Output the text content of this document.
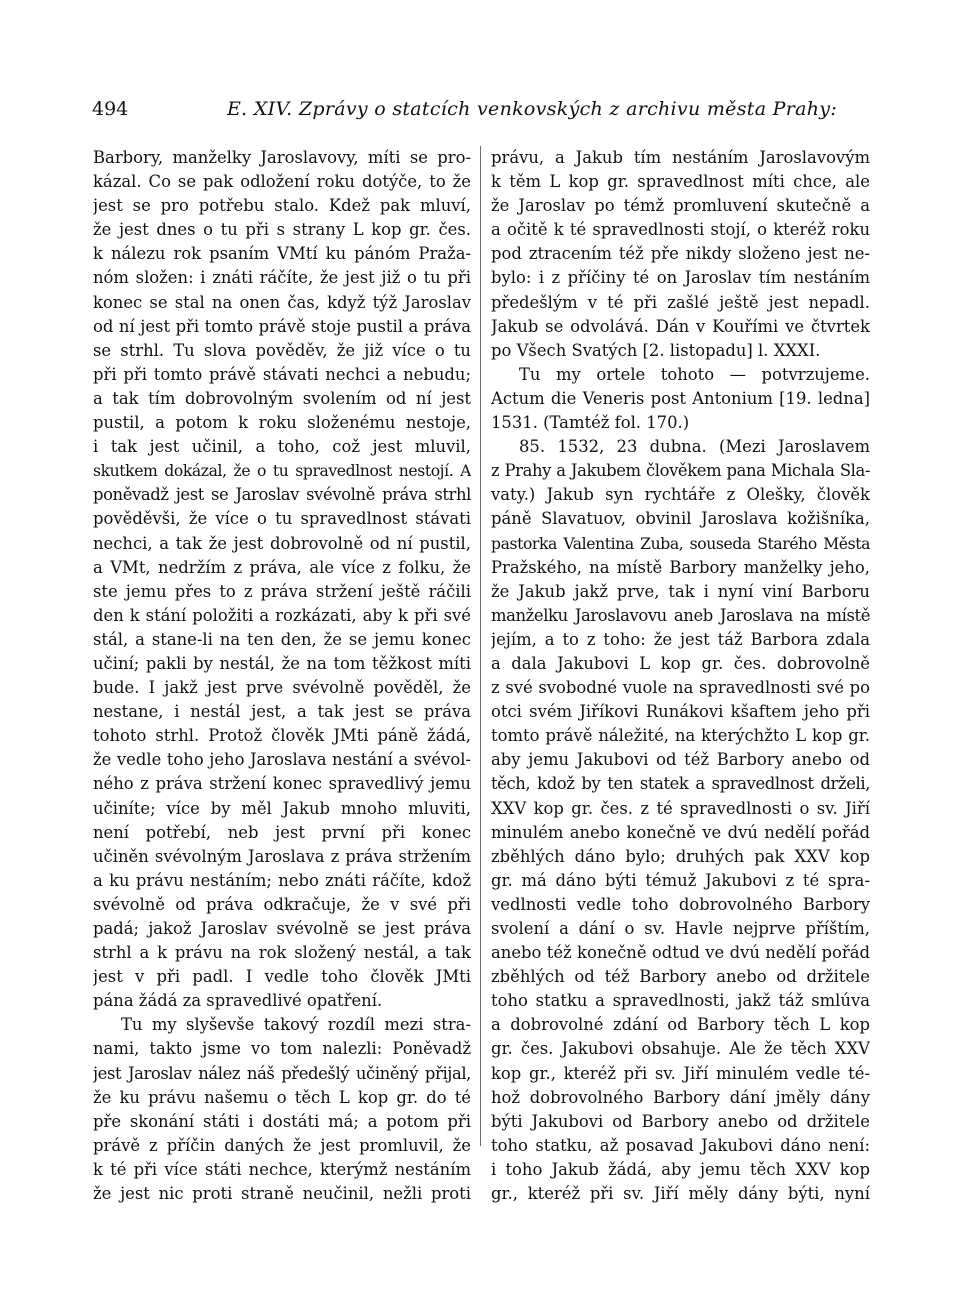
494	E. XIV. Zprávy o statcích venkovských z archivu města Prahy:
Barbory, manželky Jaroslavovy, míti se pro-
kázal. Co se pak odložení roku dotýče, to že
jest se pro potřebu stalo. Kdež pak mluví,
že jest dnes o tu při s strany L kop gr. čes.
k nálezu rok psaním VMtí ku pánóm Praža-
nóm složen: i znáti ráčíte, že jest již o tu při
konec se stal na onen čas, když týž Jaroslav
od ní jest při tomto právě stoje pustil a práva
se strhl. Tu slova pověděv, že již více o tu
při při tomto právě stávati nechci a nebudu;
a tak tím dobrovolným svolením od ní jest
pustil, a potom k roku složenému nestoje,
i tak jest učinil, a toho, což jest mluvil,
skutkem dokázal, že o tu spravedlnost nestojí. A
poněvadž jest se Jaroslav svévolně práva strhl
pověděvši, že více o tu spravedlnost stávati
nechci, a tak že jest dobrovolně od ní pustil,
a VMt, nedržím z práva, ale více z folku, že
ste jemu přes to z práva stržení ještě ráčili
den k stání položiti a rozkázati, aby k při své
stál, a stane-li na ten den, že se jemu konec
učiní; pakli by nestál, že na tom těžkost míti
bude. I jakž jest prve svévolně pověděl, že
nestane, i nestál jest, a tak jest se práva
tohoto strhl. Protož člověk JMti páně žádá,
že vedle toho jeho Jaroslava nestání a svévol-
ného z práva stržení konec spravedlivý jemu
učiníte; více by měl Jakub mnoho mluviti,
není potřebí, neb jest první při konec
učiněn svévolným Jaroslava z práva stržením
a ku právu nestáním; nebo znáti ráčíte, kdož
svévolně od práva odkračuje, že v své při
padá; jakož Jaroslav svévolně se jest práva
strhl a k právu na rok složený nestál, a tak
jest v při padl. I vedle toho člověk JMti
pána žádá za spravedlivé opatření.
Tu my slyševše takový rozdíl mezi stra-
nami, takto jsme vo tom nalezli: Poněvadž
jest Jaroslav nález náš předešlý učiněný přijal,
že ku právu našemu o těch L kop gr. do té
pře skonání státi i dostáti má; a potom při
právě z příčin daných že jest promluvil, že
k té při více státi nechce, kterýmž nestáním
že jest nic proti straně neučinil, nežli proti
právu, a Jakub tím nestáním Jaroslavovým
k těm L kop gr. spravedlnost míti chce, ale
že Jaroslav po témž promluvení skutečně a
a očitě k té spravedlnosti stojí, o kteréž roku
pod ztracením též pře nikdy složeno jest ne-
bylo: i z příčiny té on Jaroslav tím nestáním
předešlým v té při zašlé ještě jest nepadl.
Jakub se odvolává. Dán v Kouřími ve čtvrtek
po Všech Svatých [2. listopadu] l. XXXI.
Tu my ortele tohoto — potvrzujeme.
Actum die Veneris post Antonium [19. ledna]
1531. (Tamtéž fol. 170.)
85. 1532, 23 dubna. (Mezi Jaroslavem
z Prahy a Jakubem člověkem pana Michala Sla-
vaty.) Jakub syn rychtáře z Olešky, člověk
páně Slavatuov, obvinil Jaroslava kožišníka,
pastorka Valentina Zuba, souseda Starého Města
Pražského, na místě Barbory manželky jeho,
že Jakub jakž prve, tak i nyní viní Barboru
manželku Jaroslavovu aneb Jaroslava na místě
jejím, a to z toho: že jest táž Barbora zdala
a dala Jakubovi L kop gr. čes. dobrovolně
z své svobodné vuole na spravedlnosti své po
otci svém Jiříkovi Runákovi kšaftem jeho při
tomto právě náležité, na kterýchžto L kop gr.
aby jemu Jakubovi od též Barbory anebo od
těch, kdož by ten statek a spravedlnost drželi,
XXV kop gr. čes. z té spravedlnosti o sv. Jiří
minulém anebo konečně ve dvú nedělí pořád
zběhlých dáno bylo; druhých pak XXV kop
gr. má dáno býti témuž Jakubovi z té spra-
vedlnosti vedle toho dobrovolného Barbory
svolení a dání o sv. Havle nejprve příštím,
anebo též konečně odtud ve dvú nedělí pořád
zběhlých od též Barbory anebo od držitele
toho statku a spravedlnosti, jakž táž smlúva
a dobrovolné zdání od Barbory těch L kop
gr. čes. Jakubovi obsahuje. Ale že těch XXV
kop gr., kteréž při sv. Jiří minulém vedle té-
hož dobrovolného Barbory dání jměly dány
býti Jakubovi od Barbory anebo od držitele
toho statku, až posavad Jakubovi dáno není:
i toho Jakub žádá, aby jemu těch XXV kop
gr., kteréž při sv. Jiří měly dány býti, nyní
